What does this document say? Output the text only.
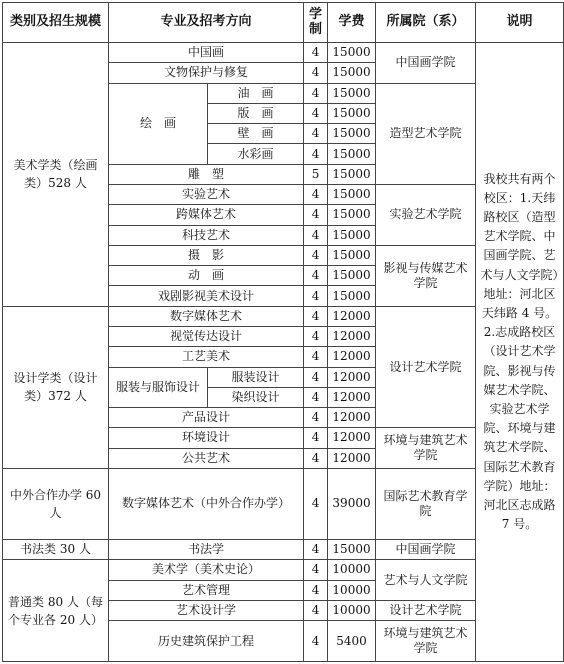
类别及招生规模	专业及招考方向		学制	学费	所属院（系）	说明
美术学类（绘画类）528 人	中国画		4	15000	中国画学院	我校共有两个校区：1.天纬路校区（造型艺术学院、中国画学院、艺术与人文学院）地址：河北区天纬路 4 号。2.志成路校区（设计艺术学院、影视与传媒艺术学院、实验艺术学院、环境与建筑艺术学院、国际艺术教育学院）地址：河北区志成路 7 号。
	文物保护与修复		4	15000		
	绘　画	油　画	4	15000	造型艺术学院	
		版　画	4	15000		
		壁　画	4	15000		
		水彩画	4	15000		
	雕　塑		5	15000		
	实验艺术		4	15000	实验艺术学院	
	跨媒体艺术		4	15000		
	科技艺术		4	15000		
	摄　影		4	15000	影视与传媒艺术学院	
	动　画		4	15000		
	戏剧影视美术设计		4	15000		
设计学类（设计类）372 人	数字媒体艺术		4	12000	设计艺术学院	
	视觉传达设计		4	12000		
	工艺美术		4	12000		
	服装与服饰设计	服装设计	4	12000		
		染织设计	4	12000		
	产品设计		4	12000		
	环境设计		4	12000	环境与建筑艺术学院	
	公共艺术		4	12000		
中外合作办学 60 人	数字媒体艺术（中外合作办学）		4	39000	国际艺术教育学院	
书法类 30 人	书法学		4	15000	中国画学院	
普通类 80 人（每个专业各 20 人）	美术学（美术史论）		4	10000	艺术与人文学院	
	艺术管理		4	10000		
	艺术设计学		4	10000	设计艺术学院	
	历史建筑保护工程		4	5400	环境与建筑艺术学院	
